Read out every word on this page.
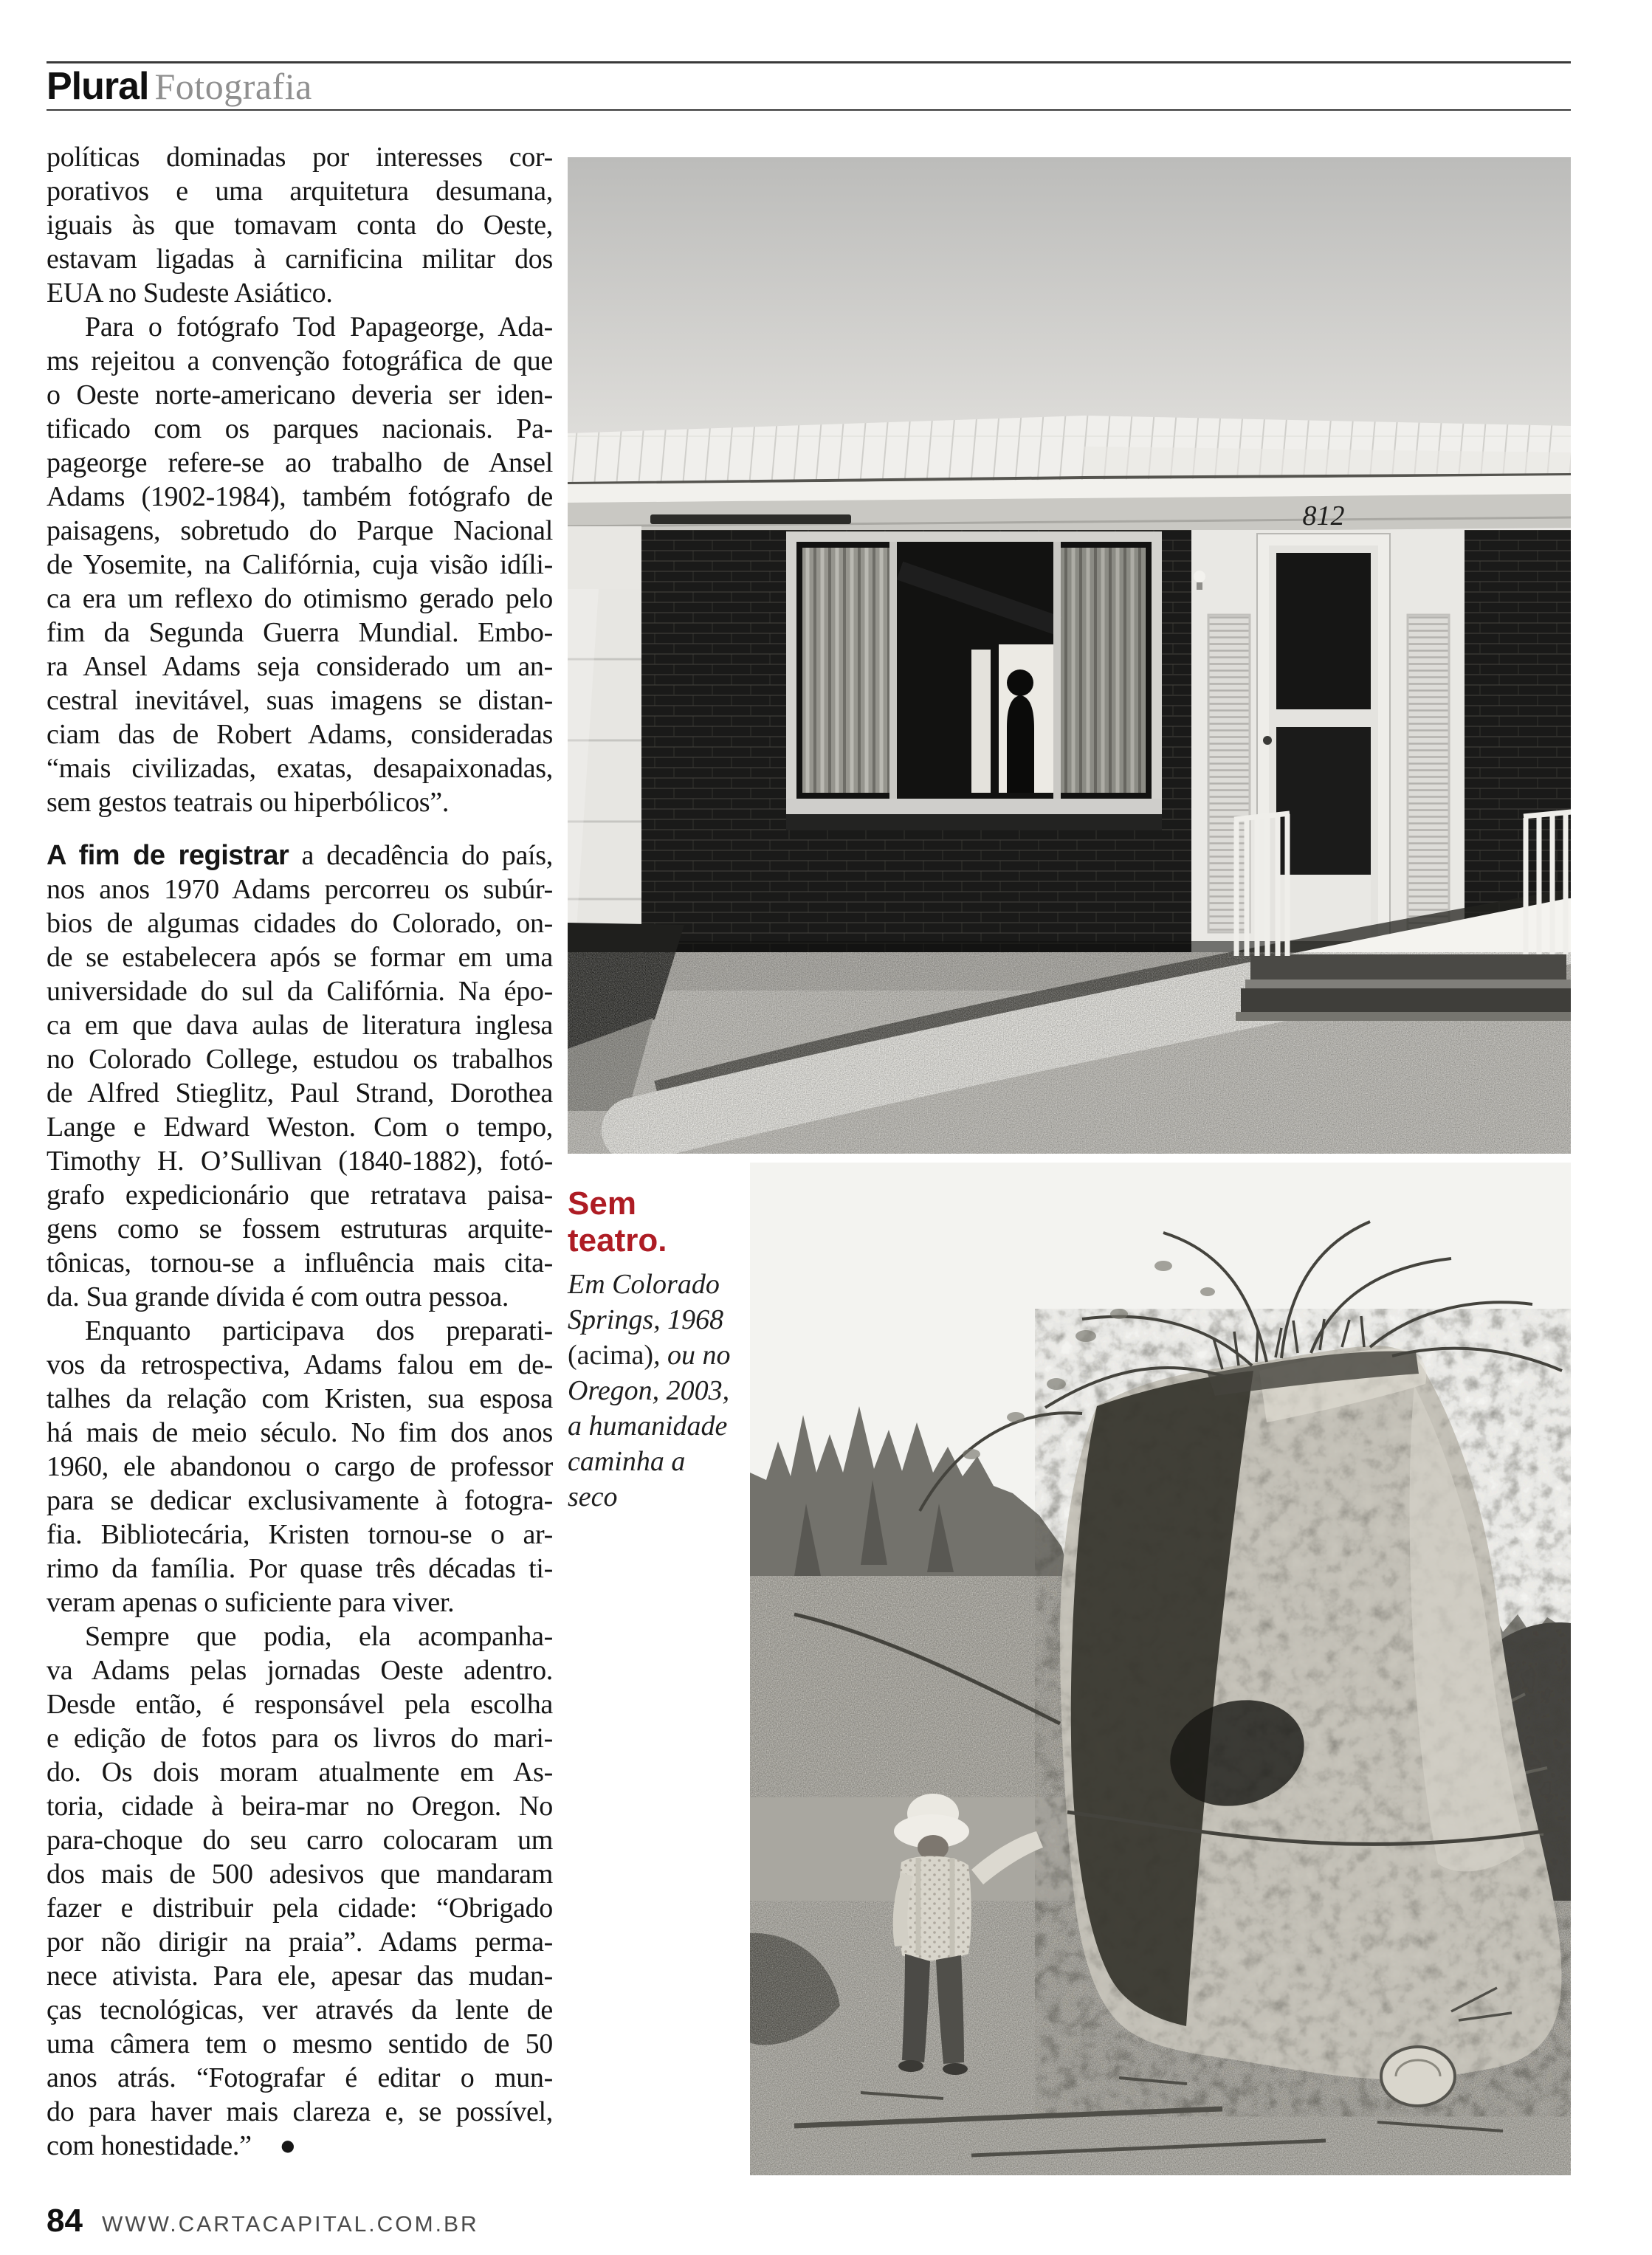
Plural Fotografia
políticas dominadas por interesses cor-
porativos e uma arquitetura desumana,
iguais às que tomavam conta do Oeste,
estavam ligadas à carnificina militar dos
EUA no Sudeste Asiático.
Para o fotógrafo Tod Papageorge, Ada-
ms rejeitou a convenção fotográfica de que
o Oeste norte-americano deveria ser iden-
tificado com os parques nacionais. Pa-
pageorge refere-se ao trabalho de Ansel
Adams (1902-1984), também fotógrafo de
paisagens, sobretudo do Parque Nacional
de Yosemite, na Califórnia, cuja visão idíli-
ca era um reflexo do otimismo gerado pelo
fim da Segunda Guerra Mundial. Embo-
ra Ansel Adams seja considerado um an-
cestral inevitável, suas imagens se distan-
ciam das de Robert Adams, consideradas
“mais civilizadas, exatas, desapaixonadas,
sem gestos teatrais ou hiperbólicos”.
A fim de registrar a decadência do país,
nos anos 1970 Adams percorreu os subúr-
bios de algumas cidades do Colorado, on-
de se estabelecera após se formar em uma
universidade do sul da Califórnia. Na épo-
ca em que dava aulas de literatura inglesa
no Colorado College, estudou os trabalhos
de Alfred Stieglitz, Paul Strand, Dorothea
Lange e Edward Weston. Com o tempo,
Timothy H. O’Sullivan (1840-1882), fotó-
grafo expedicionário que retratava paisa-
gens como se fossem estruturas arquite-
tônicas, tornou-se a influência mais cita-
da. Sua grande dívida é com outra pessoa.
Enquanto participava dos preparati-
vos da retrospectiva, Adams falou em de-
talhes da relação com Kristen, sua esposa
há mais de meio século. No fim dos anos
1960, ele abandonou o cargo de professor
para se dedicar exclusivamente à fotogra-
fia. Bibliotecária, Kristen tornou-se o ar-
rimo da família. Por quase três décadas ti-
veram apenas o suficiente para viver.
Sempre que podia, ela acompanha-
va Adams pelas jornadas Oeste adentro.
Desde então, é responsável pela escolha
e edição de fotos para os livros do mari-
do. Os dois moram atualmente em As-
toria, cidade à beira-mar no Oregon. No
para-choque do seu carro colocaram um
dos mais de 500 adesivos que mandaram
fazer e distribuir pela cidade: “Obrigado
por não dirigir na praia”. Adams perma-
nece ativista. Para ele, apesar das mudan-
ças tecnológicas, ver através da lente de
uma câmera tem o mesmo sentido de 50
anos atrás. “Fotografar é editar o mun-
do para haver mais clareza e, se possível,
com honestidade.” ●
812
Sem teatro.
Em Colorado Springs, 1968 (acima), ou no Oregon, 2003, a humanidade caminha a seco
84 WWW.CARTACAPITAL.COM.BR
